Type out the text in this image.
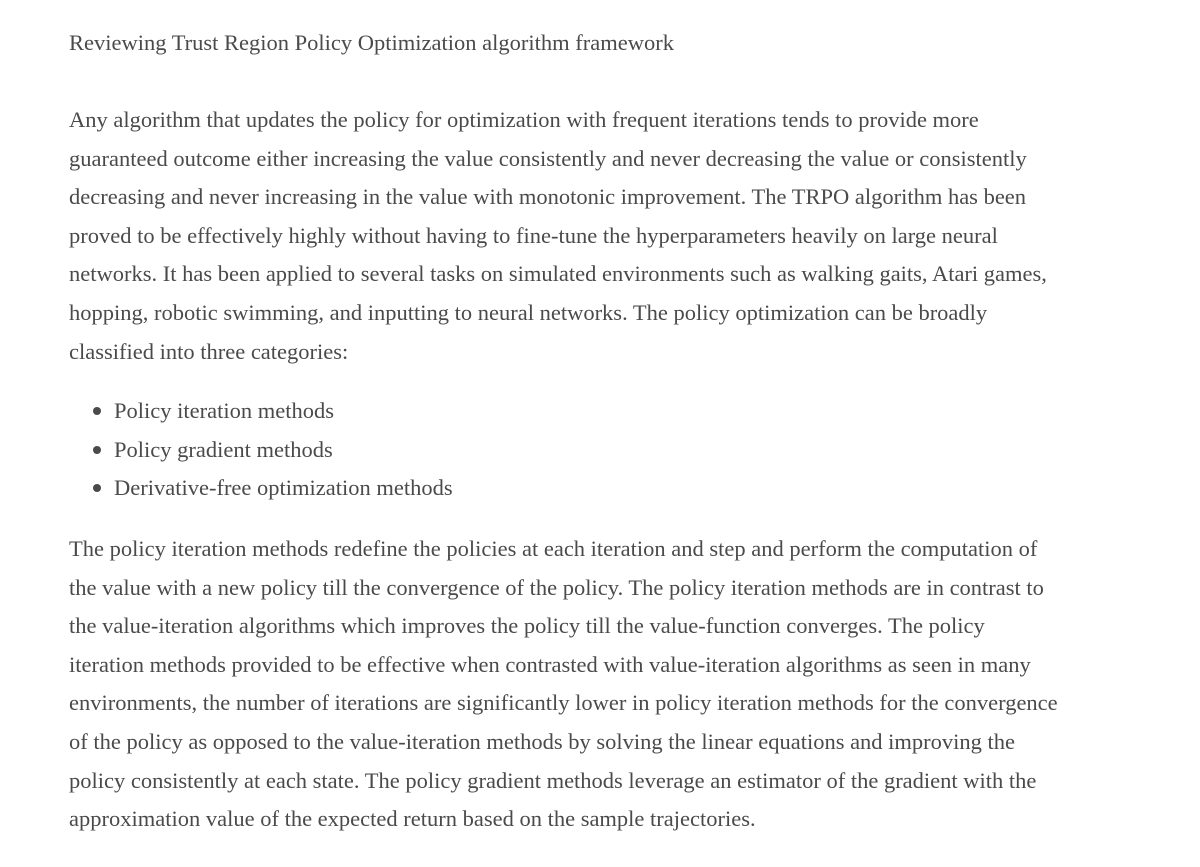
Reviewing Trust Region Policy Optimization algorithm framework

Any algorithm that updates the policy for optimization with frequent iterations tends to provide more
guaranteed outcome either increasing the value consistently and never decreasing the value or consistently
decreasing and never increasing in the value with monotonic improvement. The TRPO algorithm has been
proved to be effectively highly without having to fine-tune the hyperparameters heavily on large neural
networks. It has been applied to several tasks on simulated environments such as walking gaits, Atari games,
hopping, robotic swimming, and inputting to neural networks. The policy optimization can be broadly
classified into three categories:

Policy iteration methods
Policy gradient methods
Derivative-free optimization methods

The policy iteration methods redefine the policies at each iteration and step and perform the computation of
the value with a new policy till the convergence of the policy. The policy iteration methods are in contrast to
the value-iteration algorithms which improves the policy till the value-function converges. The policy
iteration methods provided to be effective when contrasted with value-iteration algorithms as seen in many
environments, the number of iterations are significantly lower in policy iteration methods for the convergence
of the policy as opposed to the value-iteration methods by solving the linear equations and improving the
policy consistently at each state. The policy gradient methods leverage an estimator of the gradient with the
approximation value of the expected return based on the sample trajectories.
